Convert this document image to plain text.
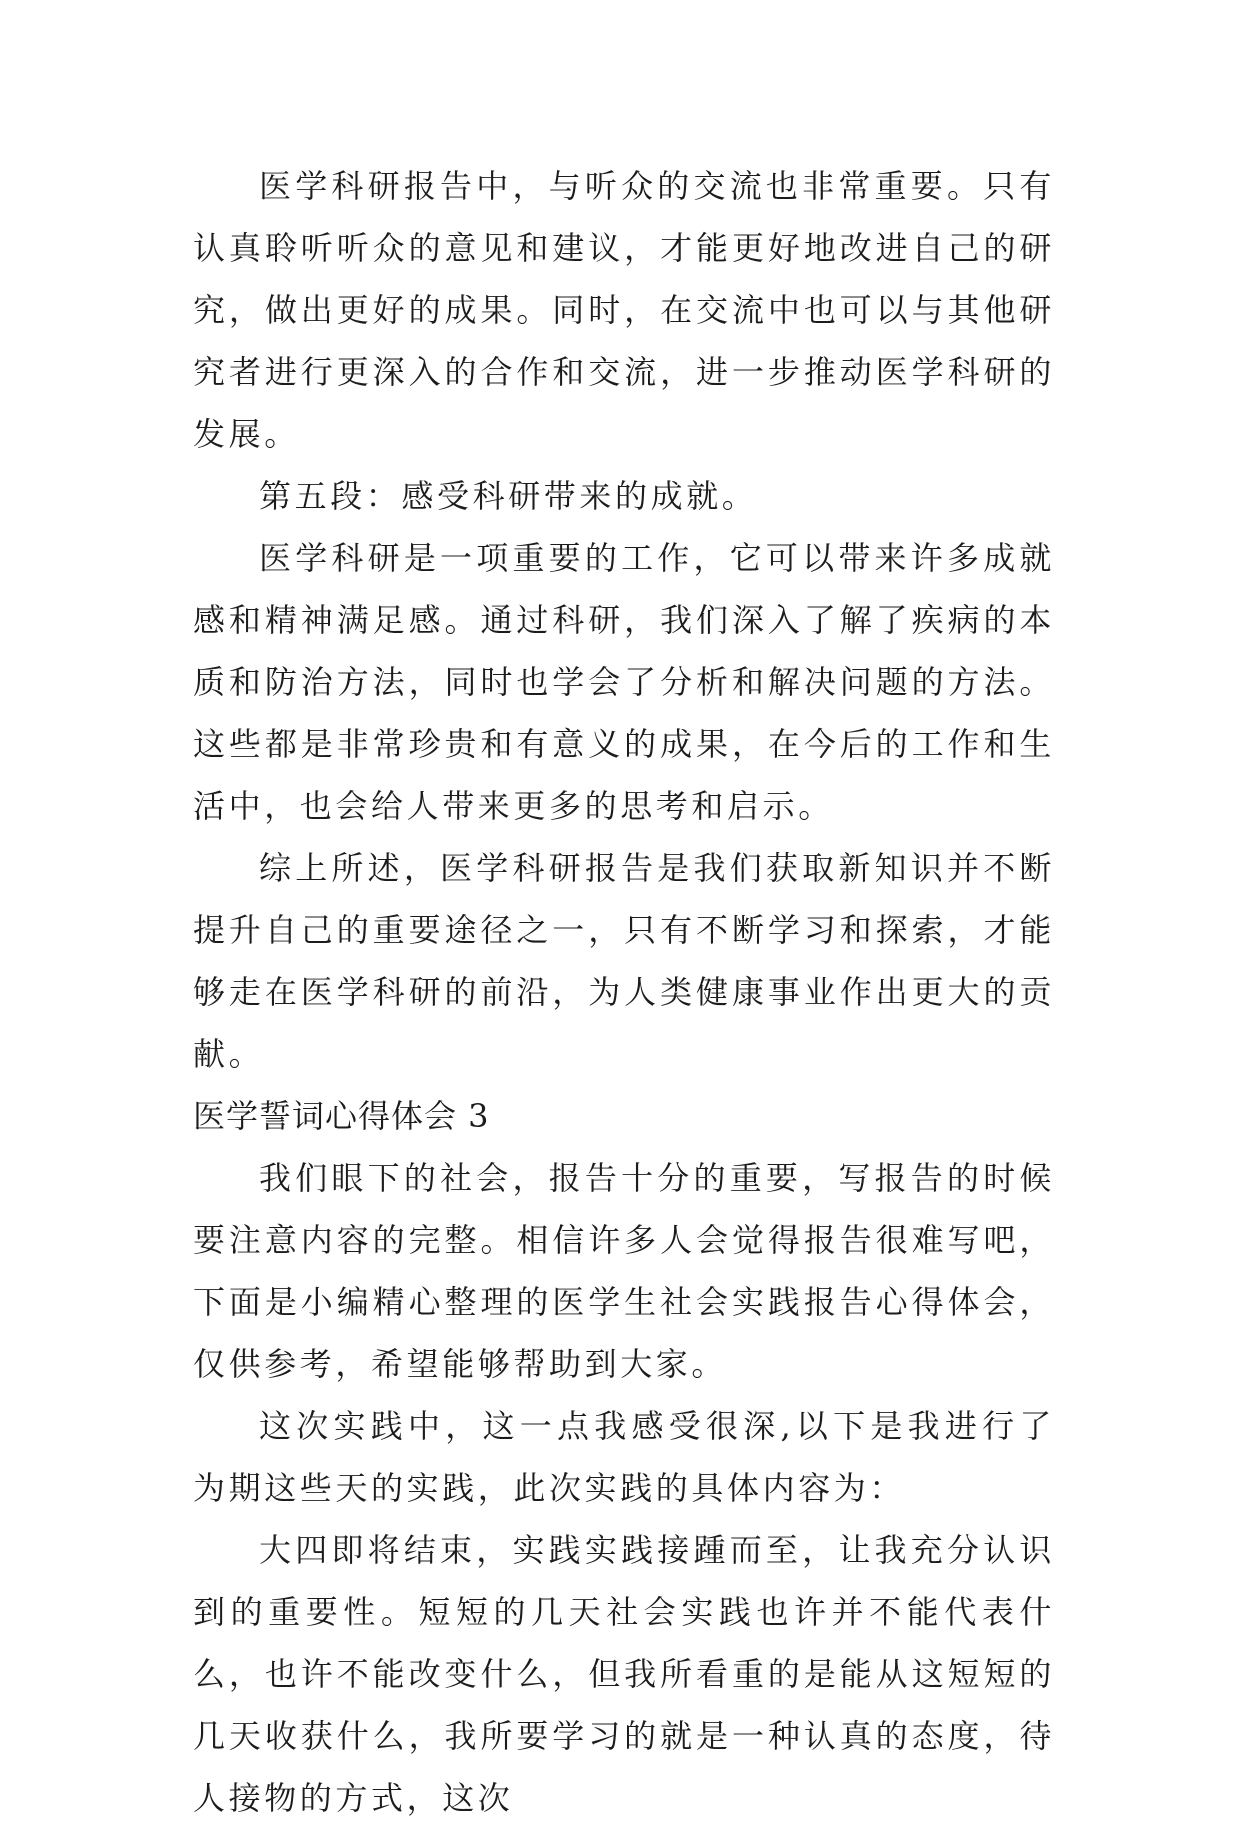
医学科研报告中，与听众的交流也非常重要。只有认真聆听听众的意见和建议，才能更好地改进自己的研究，做出更好的成果。同时，在交流中也可以与其他研究者进行更深入的合作和交流，进一步推动医学科研的发展。

第五段：感受科研带来的成就。

医学科研是一项重要的工作，它可以带来许多成就感和精神满足感。通过科研，我们深入了解了疾病的本质和防治方法，同时也学会了分析和解决问题的方法。这些都是非常珍贵和有意义的成果，在今后的工作和生活中，也会给人带来更多的思考和启示。

综上所述，医学科研报告是我们获取新知识并不断提升自己的重要途径之一，只有不断学习和探索，才能够走在医学科研的前沿，为人类健康事业作出更大的贡献。

医学誓词心得体会 3

我们眼下的社会，报告十分的重要，写报告的时候要注意内容的完整。相信许多人会觉得报告很难写吧，下面是小编精心整理的医学生社会实践报告心得体会，仅供参考，希望能够帮助到大家。

这次实践中，这一点我感受很深,以下是我进行了为期这些天的实践，此次实践的具体内容为：

大四即将结束，实践实践接踵而至，让我充分认识到的重要性。短短的几天社会实践也许并不能代表什么，也许不能改变什么，但我所看重的是能从这短短的几天收获什么，我所要学习的就是一种认真的态度，待人接物的方式，这次
